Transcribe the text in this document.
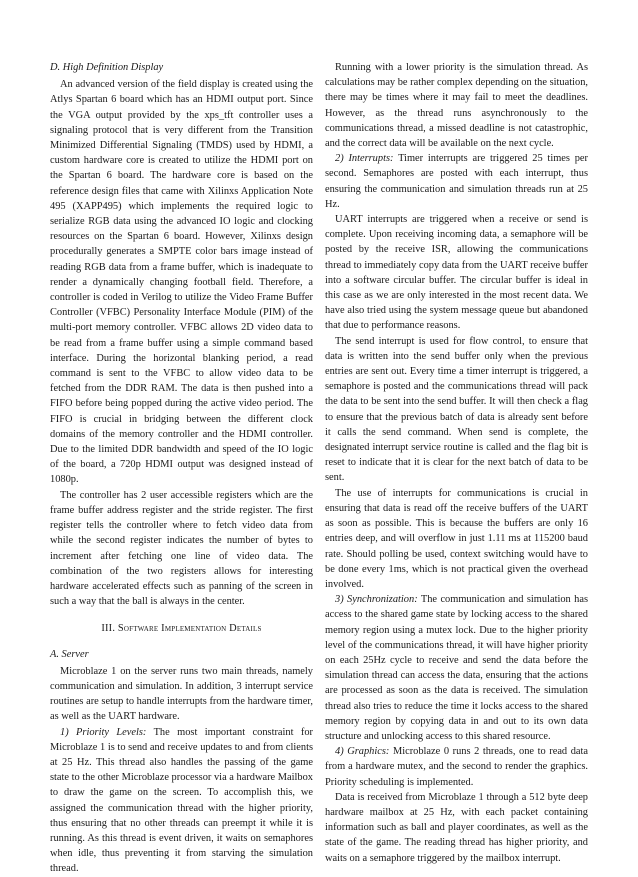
D. High Definition Display

An advanced version of the field display is created using the Atlys Spartan 6 board which has an HDMI output port. Since the VGA output provided by the xps_tft controller uses a signaling protocol that is very different from the Transition Minimized Differential Signaling (TMDS) used by HDMI, a custom hardware core is created to utilize the HDMI port on the Spartan 6 board. The hardware core is based on the reference design files that came with Xilinxs Application Note 495 (XAPP495) which implements the required logic to serialize RGB data using the advanced IO logic and clocking resources on the Spartan 6 board. However, Xilinxs design procedurally generates a SMPTE color bars image instead of reading RGB data from a frame buffer, which is inadequate to render a dynamically changing football field. Therefore, a controller is coded in Verilog to utilize the Video Frame Buffer Controller (VFBC) Personality Interface Module (PIM) of the multi-port memory controller. VFBC allows 2D video data to be read from a frame buffer using a simple command based interface. During the horizontal blanking period, a read command is sent to the VFBC to allow video data to be fetched from the DDR RAM. The data is then pushed into a FIFO before being popped during the active video period. The FIFO is crucial in bridging between the different clock domains of the memory controller and the HDMI controller. Due to the limited DDR bandwidth and speed of the IO logic of the board, a 720p HDMI output was designed instead of 1080p.

The controller has 2 user accessible registers which are the frame buffer address register and the stride register. The first register tells the controller where to fetch video data from while the second register indicates the number of bytes to increment after fetching one line of video data. The combination of the two registers allows for interesting hardware accelerated effects such as panning of the screen in such a way that the ball is always in the center.

III. Software Implementation Details

A. Server

Microblaze 1 on the server runs two main threads, namely communication and simulation. In addition, 3 interrupt service routines are setup to handle interrupts from the hardware timer, as well as the UART hardware.

1) Priority Levels: The most important constraint for Microblaze 1 is to send and receive updates to and from clients at 25 Hz. This thread also handles the passing of the game state to the other Microblaze processor via a hardware Mailbox to draw the game on the screen. To accomplish this, we assigned the communication thread with the higher priority, thus ensuring that no other threads can preempt it while it is running. As this thread is event driven, it waits on semaphores when idle, thus preventing it from starving the simulation thread.

Running with a lower priority is the simulation thread. As calculations may be rather complex depending on the situation, there may be times where it may fail to meet the deadlines. However, as the thread runs asynchronously to the communications thread, a missed deadline is not catastrophic, and the correct data will be available on the next cycle.

2) Interrupts: Timer interrupts are triggered 25 times per second. Semaphores are posted with each interrupt, thus ensuring the communication and simulation threads run at 25 Hz.

UART interrupts are triggered when a receive or send is complete. Upon receiving incoming data, a semaphore will be posted by the receive ISR, allowing the communications thread to immediately copy data from the UART receive buffer into a software circular buffer. The circular buffer is ideal in this case as we are only interested in the most recent data. We have also tried using the system message queue but abandoned that due to performance reasons.

The send interrupt is used for flow control, to ensure that data is written into the send buffer only when the previous entries are sent out. Every time a timer interrupt is triggered, a semaphore is posted and the communications thread will pack the data to be sent into the send buffer. It will then check a flag to ensure that the previous batch of data is already sent before it calls the send command. When send is complete, the designated interrupt service routine is called and the flag bit is reset to indicate that it is clear for the next batch of data to be sent.

The use of interrupts for communications is crucial in ensuring that data is read off the receive buffers of the UART as soon as possible. This is because the buffers are only 16 entries deep, and will overflow in just 1.11 ms at 115200 baud rate. Should polling be used, context switching would have to be done every 1ms, which is not practical given the overhead involved.

3) Synchronization: The communication and simulation has access to the shared game state by locking access to the shared memory region using a mutex lock. Due to the higher priority level of the communications thread, it will have higher priority on each 25Hz cycle to receive and send the data before the simulation thread can access the data, ensuring that the actions are processed as soon as the data is received. The simulation thread also tries to reduce the time it locks access to the shared memory region by copying data in and out to its own data structure and unlocking access to this shared resource.

4) Graphics: Microblaze 0 runs 2 threads, one to read data from a hardware mutex, and the second to render the graphics. Priority scheduling is implemented.

Data is received from Microblaze 1 through a 512 byte deep hardware mailbox at 25 Hz, with each packet containing information such as ball and player coordinates, as well as the state of the game. The reading thread has higher priority, and waits on a semaphore triggered by the mailbox interrupt.
